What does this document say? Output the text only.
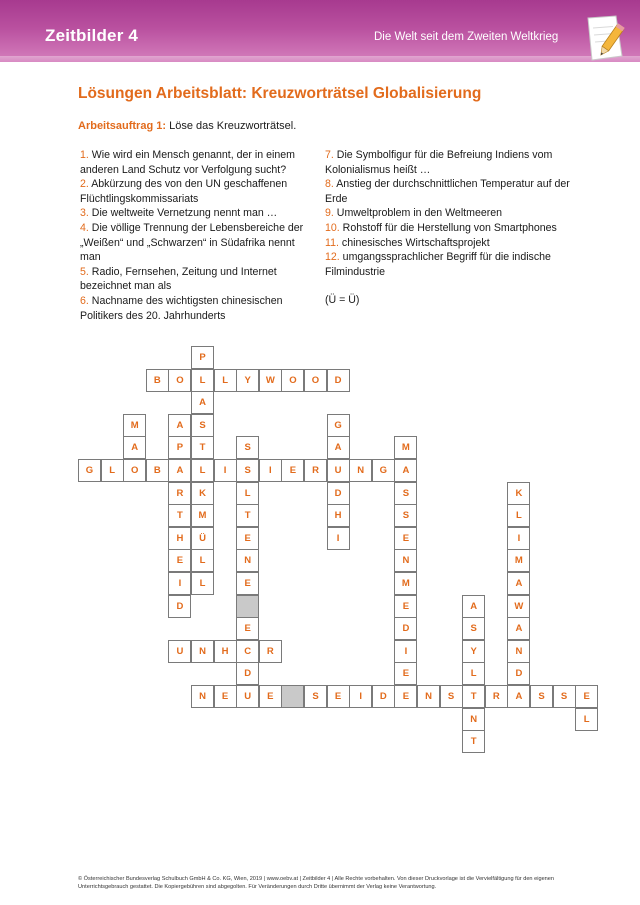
Zeitbilder 4	Die Welt seit dem Zweiten Weltkrieg
Lösungen Arbeitsblatt: Kreuzworträtsel Globalisierung
Arbeitsauftrag 1: Löse das Kreuzworträtsel.
1. Wie wird ein Mensch genannt, der in einem anderen Land Schutz vor Verfolgung sucht?
2. Abkürzung des von den UN geschaffenen Flüchtlingskommissariats
3. Die weltweite Vernetzung nennt man …
4. Die völlige Trennung der Lebensbereiche der „Weißen“ und „Schwarzen“ in Südafrika nennt man
5. Radio, Fernsehen, Zeitung und Internet bezeichnet man als
6. Nachname des wichtigsten chinesischen Politikers des 20. Jahrhunderts
7. Die Symbolfigur für die Befreiung Indiens vom Kolonialismus heißt …
8. Anstieg der durchschnittlichen Temperatur auf der Erde
9. Umweltproblem in den Weltmeeren
10. Rohstoff für die Herstellung von Smartphones
11. chinesisches Wirtschaftsprojekt
12. umgangssprachlicher Begriff für die indische Filmindustrie
(Ü = Ü)
P
B	O	L	L	Y	W	O	O	D
A
M	A	S	G
A	P	T	S	A	M
G	L	O	B	A	L	I	S	I	E	R	U	N	G	A
R	K	L	D	S	K
T	M	T	H	S	L
H	Ü	E	I	E	I
E	L	N	N	M
I	L	E	M	A
D	E	A	W
E	D	S	A
U	N	H	C	R	I	Y	N
D	E	L	D
N	E	U	E	S	E	I	D	E	N	S	T	R	A	S	S	E
N	L
T
© Österreichischer Bundesverlag Schulbuch GmbH & Co. KG, Wien, 2019 | www.oebv.at | Zeitbilder 4 | Alle Rechte vorbehalten. Von dieser Druckvorlage ist die Vervielfältigung für den eigenen Unterrichtsgebrauch gestattet. Die Kopiergebühren sind abgegolten. Für Veränderungen durch Dritte übernimmt der Verlag keine Verantwortung.
